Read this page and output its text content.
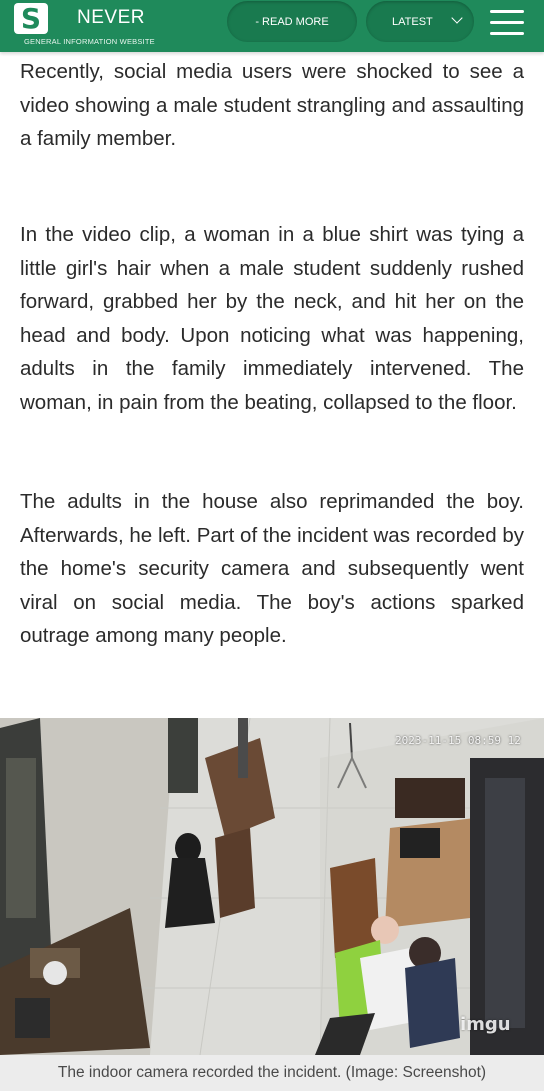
S	NEVER
GENERAL INFORMATION WEBSITE
- READ MORE	LATEST

Recently, social media users were shocked to see a video showing a male student strangling and assaulting a family member.

In the video clip, a woman in a blue shirt was tying a little girl's hair when a male student suddenly rushed forward, grabbed her by the neck, and hit her on the head and body. Upon noticing what was happening, adults in the family immediately intervened. The woman, in pain from the beating, collapsed to the floor.

The adults in the house also reprimanded the boy. Afterwards, he left. Part of the incident was recorded by the home's security camera and subsequently went viral on social media. The boy's actions sparked outrage among many people.

2023-11-15 08:59 12
imgu
The indoor camera recorded the incident. (Image: Screenshot)
